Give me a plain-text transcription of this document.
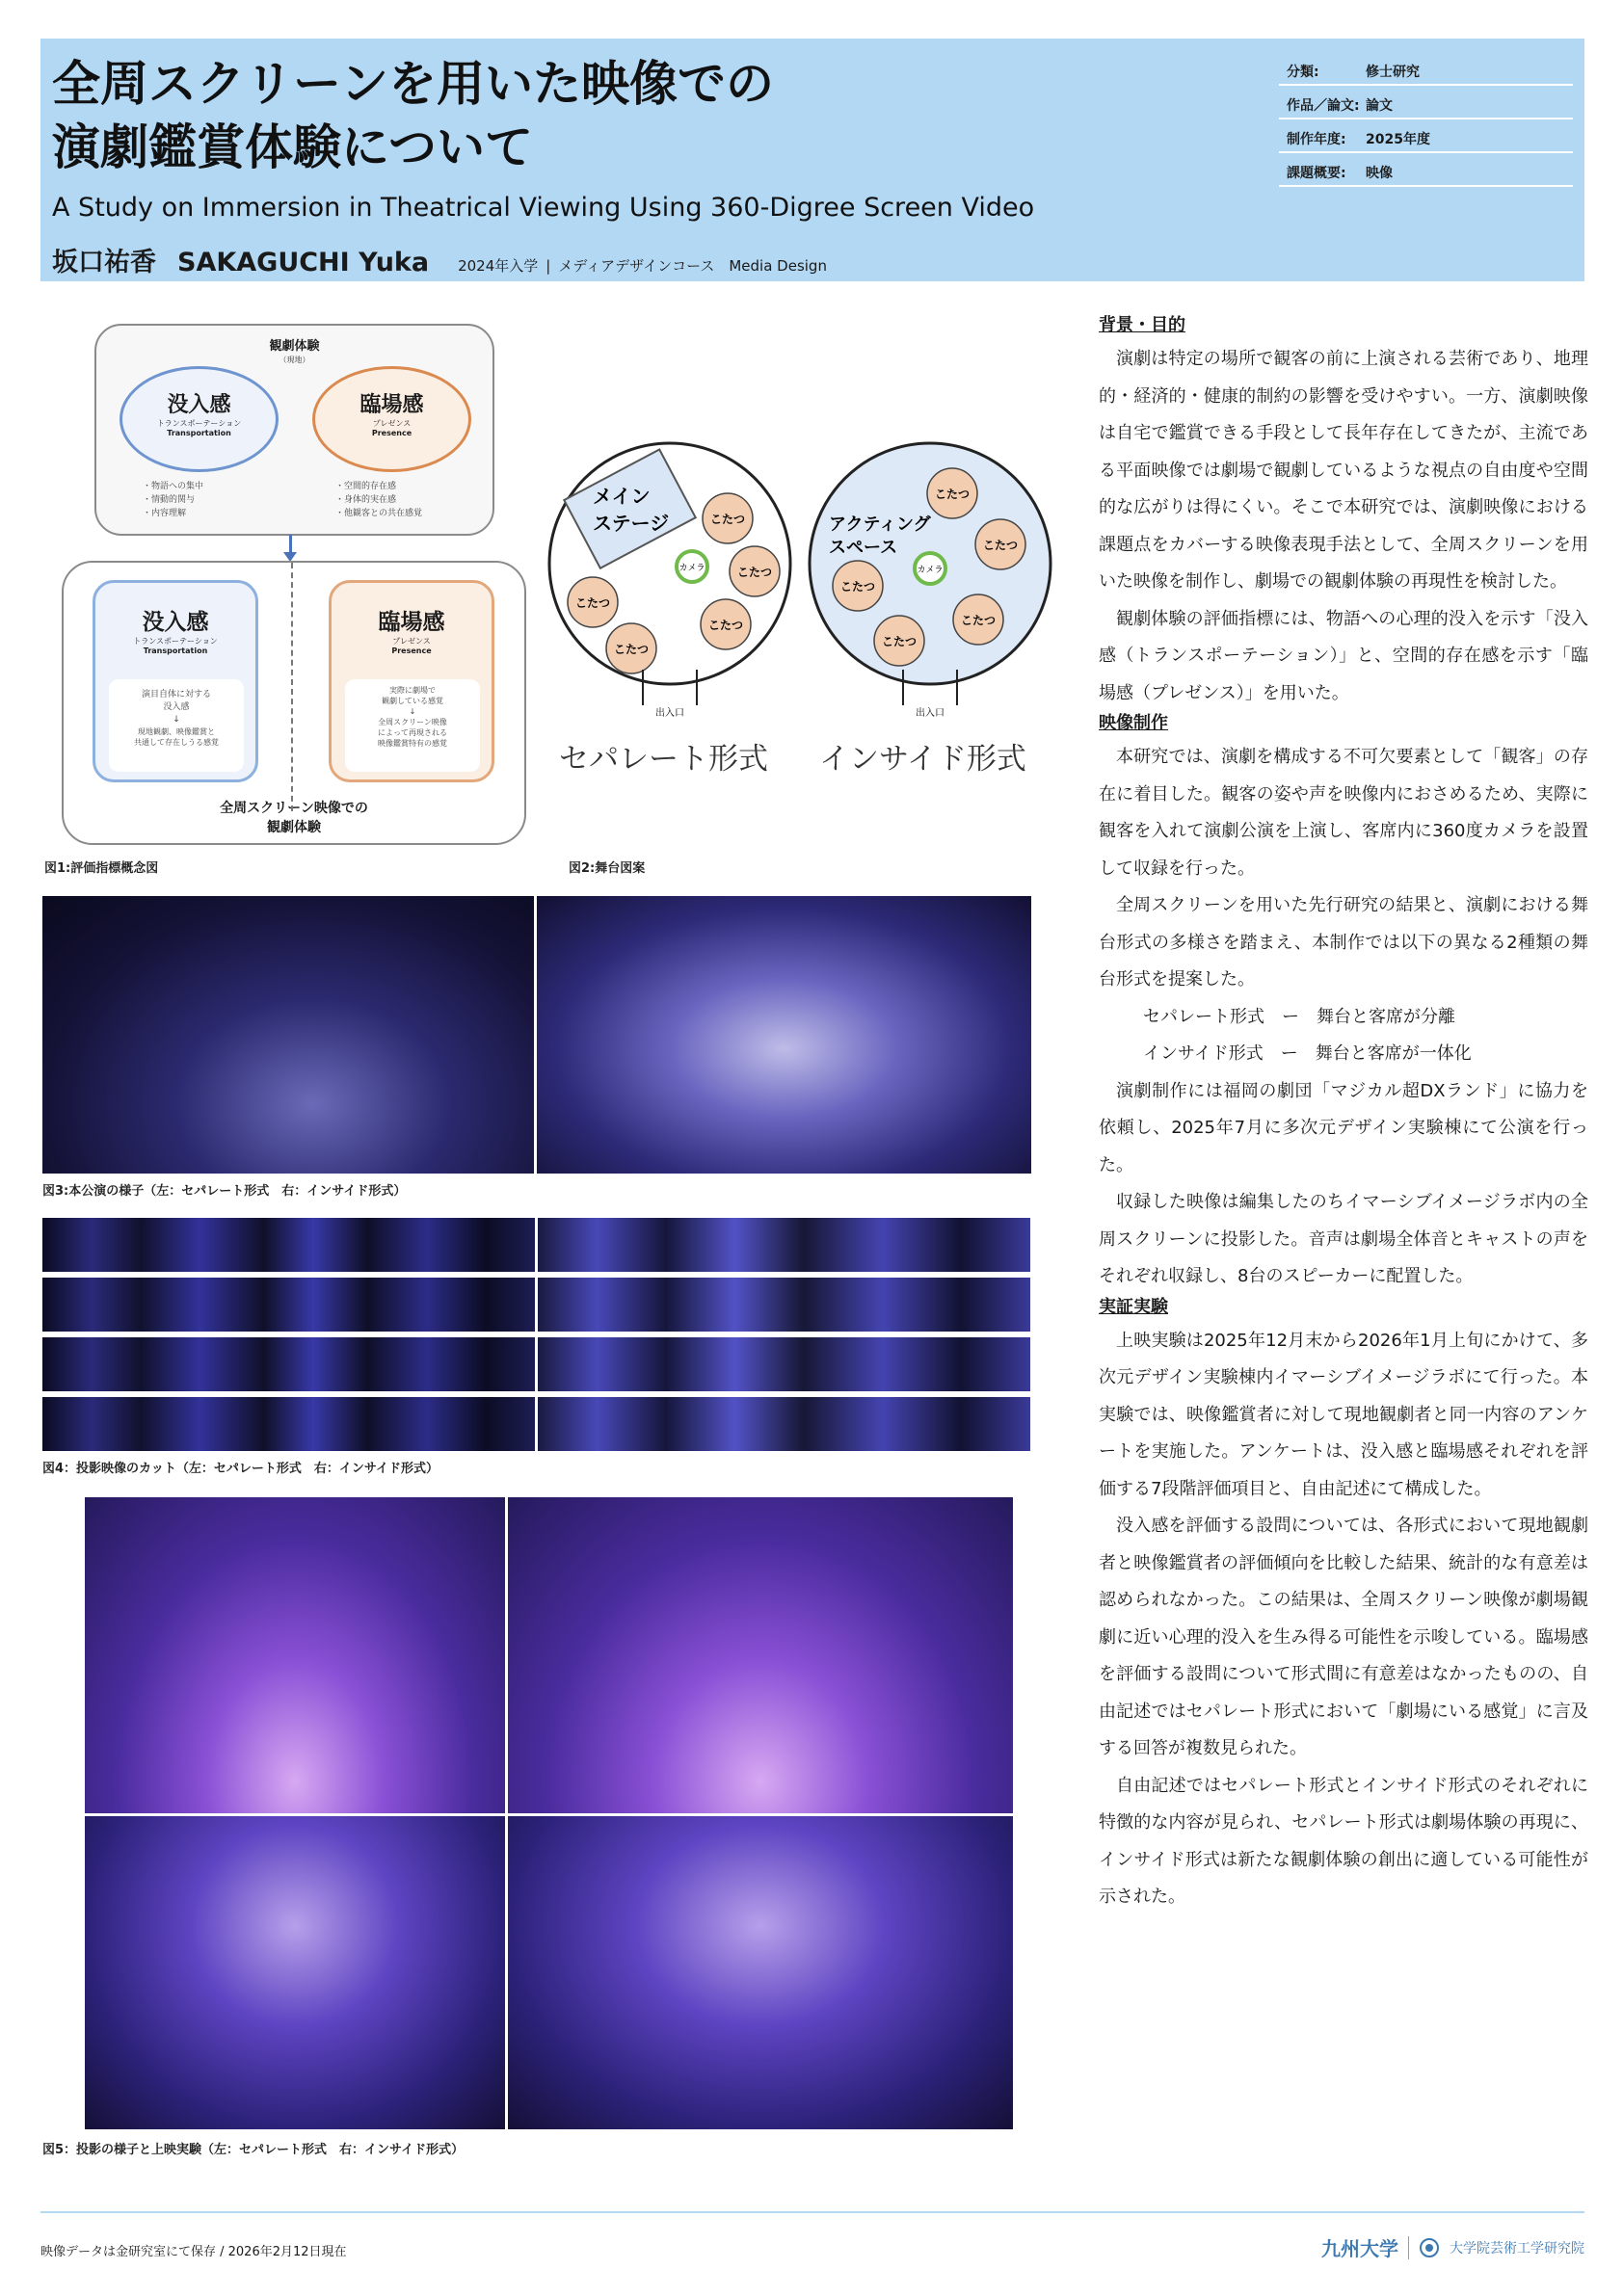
全周スクリーンを用いた映像での
演劇鑑賞体験について
A Study on Immersion in Theatrical Viewing Using 360-Digree Screen Video
坂口祐香 SAKAGUCHI Yuka 2024年入学 | メディアデザインコース　Media Design
分類:	修士研究
作品／論文: 論文
制作年度: 2025年度
課題概要: 映像
観劇体験
（現地）
没入感
トランスポーテーション
Transportation
臨場感
プレゼンス
Presence
・物語への集中
・情動的関与
・内容理解
・空間的存在感
・身体的実在感
・他観客との共在感覚
没入感
トランスポーテーション
Transportation
演目自体に対する
没入感
↓
現地観劇、映像鑑賞と
共通して存在しうる感覚
臨場感
プレゼンス
Presence
実際に劇場で
観劇している感覚
↓
全周スクリーン映像
によって再現される
映像鑑賞特有の感覚
全周スクリーン映像での
観劇体験
メイン
ステージ	こたつ
こたつ
こたつ
こたつ
こたつ
カメラ
出入口
アクティング
スペース
こたつ
こたつ
こたつ
こたつ
こたつ
カメラ
出入口
セパレート形式 インサイド形式
図1:評価指標概念図	図2:舞台図案
図3:本公演の様子（左：セパレート形式　右：インサイド形式）
図4：投影映像のカット（左：セパレート形式　右：インサイド形式）
図5：投影の様子と上映実験（左：セパレート形式　右：インサイド形式）
背景・目的
演劇は特定の場所で観客の前に上演される芸術であり、地理的・経済的・健康的制約の影響を受けやすい。一方、演劇映像は自宅で鑑賞できる手段として長年存在してきたが、主流である平面映像では劇場で観劇しているような視点の自由度や空間的な広がりは得にくい。そこで本研究では、演劇映像における課題点をカバーする映像表現手法として、全周スクリーンを用いた映像を制作し、劇場での観劇体験の再現性を検討した。
観劇体験の評価指標には、物語への心理的没入を示す「没入感（トランスポーテーション）」と、空間的存在感を示す「臨場感（プレゼンス）」を用いた。
映像制作
本研究では、演劇を構成する不可欠要素として「観客」の存在に着目した。観客の姿や声を映像内におさめるため、実際に観客を入れて演劇公演を上演し、客席内に360度カメラを設置して収録を行った。
全周スクリーンを用いた先行研究の結果と、演劇における舞台形式の多様さを踏まえ、本制作では以下の異なる2種類の舞台形式を提案した。
セパレート形式　ー　舞台と客席が分離
インサイド形式　ー　舞台と客席が一体化
演劇制作には福岡の劇団「マジカル超DXランド」に協力を依頼し、2025年7月に多次元デザイン実験棟にて公演を行った。
収録した映像は編集したのちイマーシブイメージラボ内の全周スクリーンに投影した。音声は劇場全体音とキャストの声をそれぞれ収録し、8台のスピーカーに配置した。
実証実験
上映実験は2025年12月末から2026年1月上旬にかけて、多次元デザイン実験棟内イマーシブイメージラボにて行った。本実験では、映像鑑賞者に対して現地観劇者と同一内容のアンケートを実施した。アンケートは、没入感と臨場感それぞれを評価する7段階評価項目と、自由記述にて構成した。
没入感を評価する設問については、各形式において現地観劇者と映像鑑賞者の評価傾向を比較した結果、統計的な有意差は認められなかった。この結果は、全周スクリーン映像が劇場観劇に近い心理的没入を生み得る可能性を示唆している。臨場感を評価する設問について形式間に有意差はなかったものの、自由記述ではセパレート形式において「劇場にいる感覚」に言及する回答が複数見られた。
自由記述ではセパレート形式とインサイド形式のそれぞれに特徴的な内容が見られ、セパレート形式は劇場体験の再現に、インサイド形式は新たな観劇体験の創出に適している可能性が示された。
映像データは金研究室にて保存 / 2026年2月12日現在	九州大学	大学院芸術工学研究院
